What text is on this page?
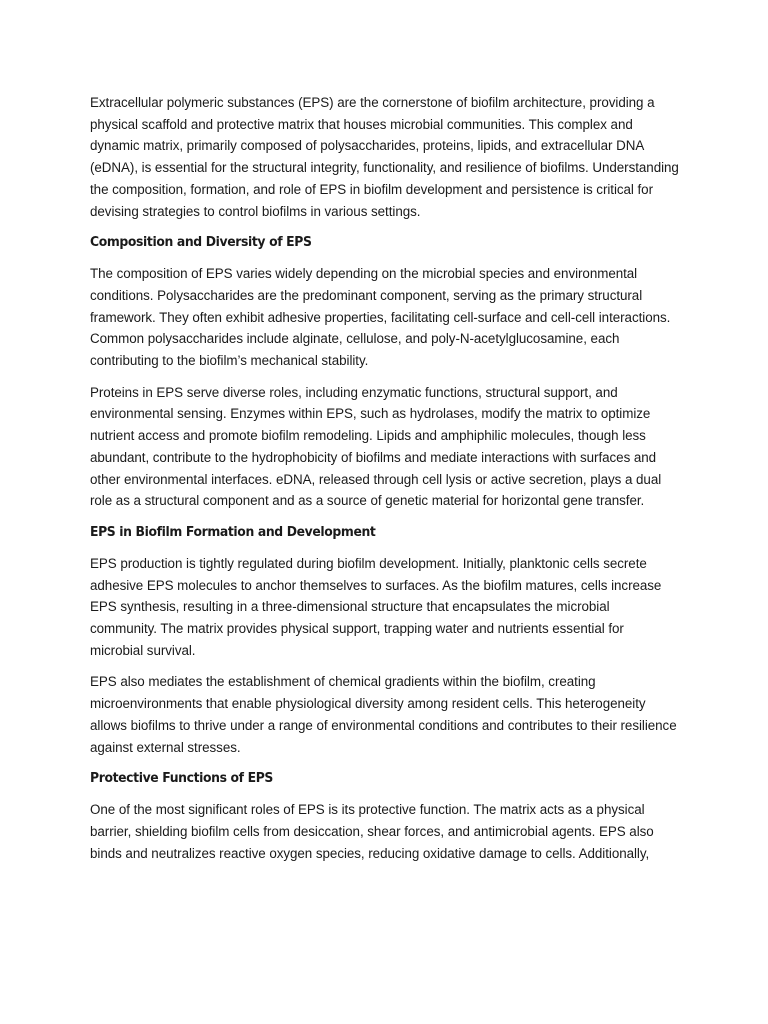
Extracellular polymeric substances (EPS) are the cornerstone of biofilm architecture, providing a physical scaffold and protective matrix that houses microbial communities. This complex and dynamic matrix, primarily composed of polysaccharides, proteins, lipids, and extracellular DNA (eDNA), is essential for the structural integrity, functionality, and resilience of biofilms. Understanding the composition, formation, and role of EPS in biofilm development and persistence is critical for devising strategies to control biofilms in various settings.

Composition and Diversity of EPS

The composition of EPS varies widely depending on the microbial species and environmental conditions. Polysaccharides are the predominant component, serving as the primary structural framework. They often exhibit adhesive properties, facilitating cell-surface and cell-cell interactions. Common polysaccharides include alginate, cellulose, and poly-N-acetylglucosamine, each contributing to the biofilm’s mechanical stability.

Proteins in EPS serve diverse roles, including enzymatic functions, structural support, and environmental sensing. Enzymes within EPS, such as hydrolases, modify the matrix to optimize nutrient access and promote biofilm remodeling. Lipids and amphiphilic molecules, though less abundant, contribute to the hydrophobicity of biofilms and mediate interactions with surfaces and other environmental interfaces. eDNA, released through cell lysis or active secretion, plays a dual role as a structural component and as a source of genetic material for horizontal gene transfer.

EPS in Biofilm Formation and Development

EPS production is tightly regulated during biofilm development. Initially, planktonic cells secrete adhesive EPS molecules to anchor themselves to surfaces. As the biofilm matures, cells increase EPS synthesis, resulting in a three-dimensional structure that encapsulates the microbial community. The matrix provides physical support, trapping water and nutrients essential for microbial survival.

EPS also mediates the establishment of chemical gradients within the biofilm, creating microenvironments that enable physiological diversity among resident cells. This heterogeneity allows biofilms to thrive under a range of environmental conditions and contributes to their resilience against external stresses.

Protective Functions of EPS

One of the most significant roles of EPS is its protective function. The matrix acts as a physical barrier, shielding biofilm cells from desiccation, shear forces, and antimicrobial agents. EPS also binds and neutralizes reactive oxygen species, reducing oxidative damage to cells. Additionally,
